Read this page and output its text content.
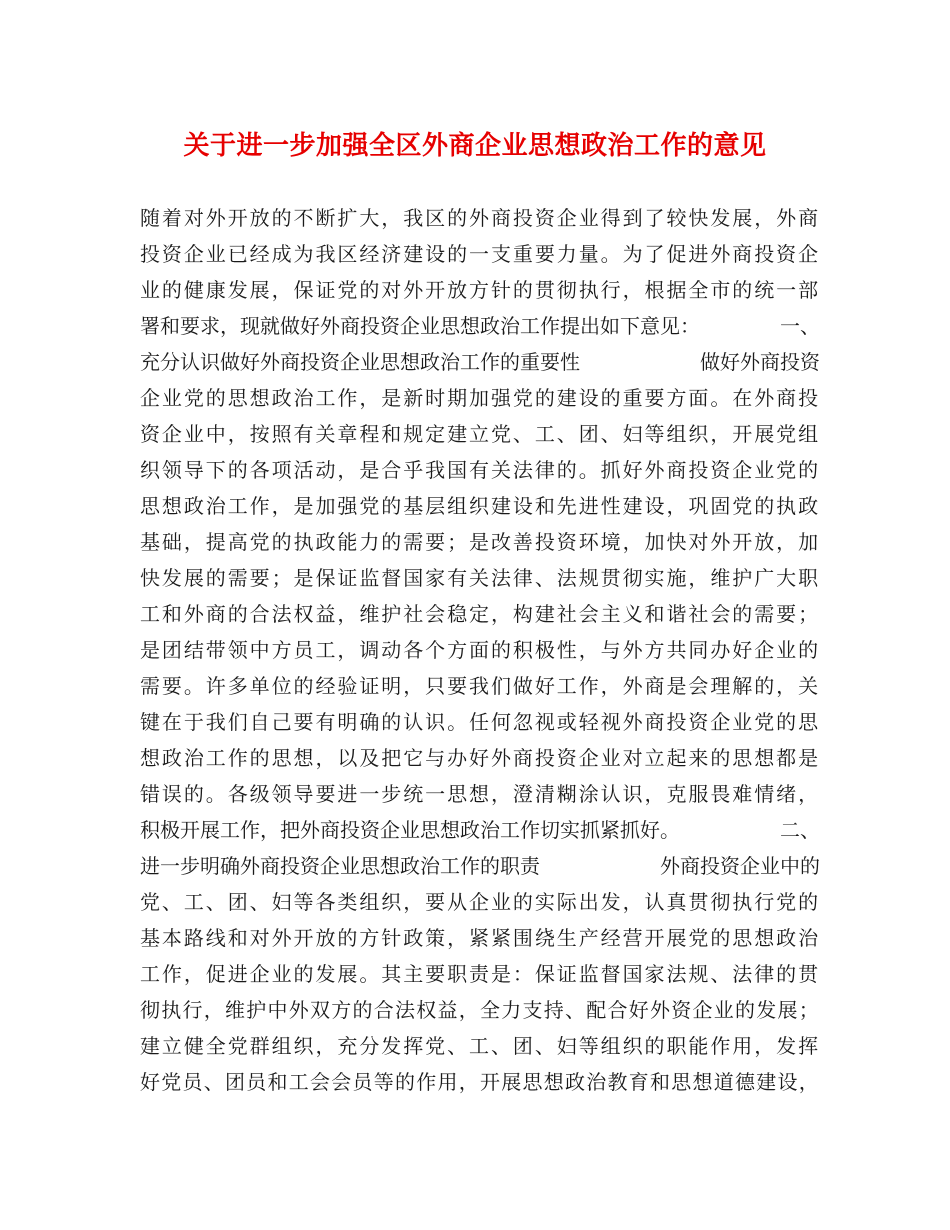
关于进一步加强全区外商企业思想政治工作的意见
随着对外开放的不断扩大，我区的外商投资企业得到了较快发展，外商
投资企业已经成为我区经济建设的一支重要力量。为了促进外商投资企
业的健康发展，保证党的对外开放方针的贯彻执行，根据全市的统一部
署和要求，现就做好外商投资企业思想政治工作提出如下意见：	一、
充分认识做好外商投资企业思想政治工作的重要性	做好外商投资
企业党的思想政治工作，是新时期加强党的建设的重要方面。在外商投
资企业中，按照有关章程和规定建立党、工、团、妇等组织，开展党组
织领导下的各项活动，是合乎我国有关法律的。抓好外商投资企业党的
思想政治工作，是加强党的基层组织建设和先进性建设，巩固党的执政
基础，提高党的执政能力的需要；是改善投资环境，加快对外开放，加
快发展的需要；是保证监督国家有关法律、法规贯彻实施，维护广大职
工和外商的合法权益，维护社会稳定，构建社会主义和谐社会的需要；
是团结带领中方员工，调动各个方面的积极性，与外方共同办好企业的
需要。许多单位的经验证明，只要我们做好工作，外商是会理解的，关
键在于我们自己要有明确的认识。任何忽视或轻视外商投资企业党的思
想政治工作的思想，以及把它与办好外商投资企业对立起来的思想都是
错误的。各级领导要进一步统一思想，澄清糊涂认识，克服畏难情绪，
积极开展工作，把外商投资企业思想政治工作切实抓紧抓好。	二、
进一步明确外商投资企业思想政治工作的职责	外商投资企业中的
党、工、团、妇等各类组织，要从企业的实际出发，认真贯彻执行党的
基本路线和对外开放的方针政策，紧紧围绕生产经营开展党的思想政治
工作，促进企业的发展。其主要职责是：保证监督国家法规、法律的贯
彻执行，维护中外双方的合法权益，全力支持、配合好外资企业的发展；
建立健全党群组织，充分发挥党、工、团、妇等组织的职能作用，发挥
好党员、团员和工会会员等的作用，开展思想政治教育和思想道德建设，
